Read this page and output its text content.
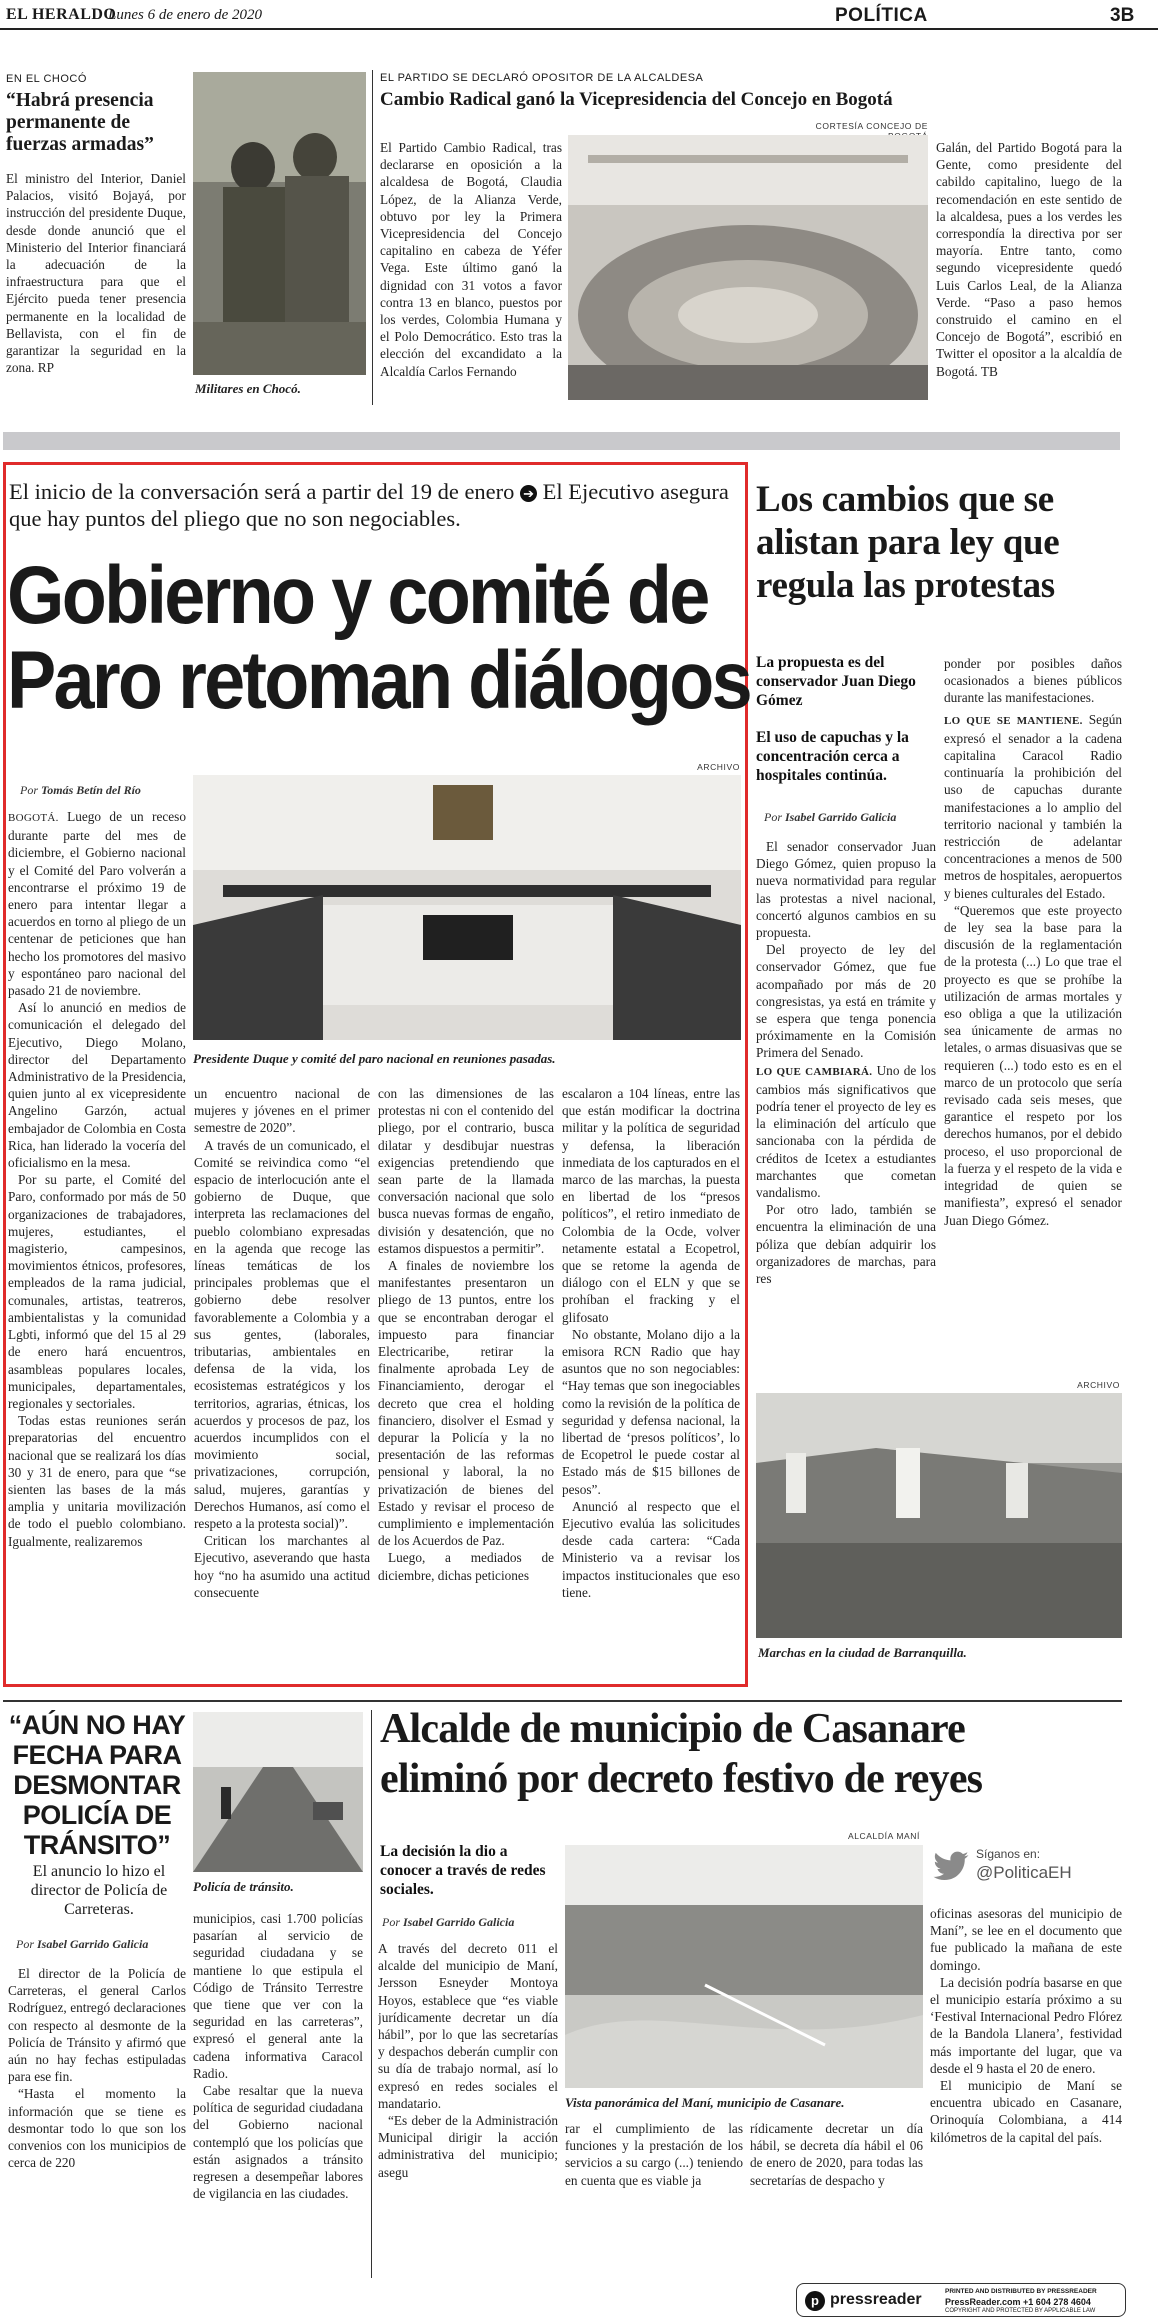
EL HERALDO
Lunes 6 de enero de 2020	POLÍTICA	3B
EN EL CHOCÓ
“Habrá presencia permanente de fuerzas armadas”

El ministro del Interior, Daniel Palacios, visitó Bojayá, por instrucción del presidente Duque, desde donde anunció que el Ministerio del Interior financiará la adecuación de la infraestructura para que el Ejército pueda tener presencia permanente en la localidad de Bellavista, con el fin de garantizar la seguridad en la zona. RP

Militares en Chocó.
EL PARTIDO SE DECLARÓ OPOSITOR DE LA ALCALDESA
Cambio Radical ganó la Vicepresidencia del Concejo en Bogotá
CORTESÍA CONCEJO DE

El Partido Cambio Radical, tras declararse en oposición a la alcaldesa de Bogotá, Claudia López, de la Alianza Verde, obtuvo por ley la Primera Vicepresidencia del Concejo capitalino en cabeza de Yéfer Vega. Este último ganó la dignidad con 31 votos a favor contra 13 en blanco, puestos por los verdes, Colombia Humana y el Polo Democrático. Esto tras la elección del excandidato a la Alcaldía Carlos Fernando

Galán, del Partido Bogotá para la Gente, como presidente del cabildo capitalino, luego de la recomendación en este sentido de la alcaldesa, pues a los verdes les correspondía la directiva por ser mayoría. Entre tanto, como segundo vicepresidente quedó Luis Carlos Leal, de la Alianza Verde. “Paso a paso hemos construido el camino en el Concejo de Bogotá”, escribió en Twitter el opositor a la alcaldía de Bogotá. TB

El inicio de la conversación será a partir del 19 de enero ➔ El Ejecutivo asegura que hay puntos del pliego que no son negociables.
Gobierno y comité de
Paro retoman diálogos
ARCHIVO
Por Tomás Betín del Río
Presidente Duque y comité del paro nacional en reuniones pasadas.

BOGOTÁ. Luego de un receso durante parte del mes de diciembre, el Gobierno nacional y el Comité del Paro volverán a encontrarse el próximo 19 de enero para intentar llegar a acuerdos en torno al pliego de un centenar de peticiones que han hecho los promotores del masivo y espontáneo paro nacional del pasado 21 de noviembre.

Así lo anunció en medios de comunicación el delegado del Ejecutivo, Diego Molano, director del Departamento Administrativo de la Presidencia, quien junto al ex vicepresidente Angelino Garzón, actual embajador de Colombia en Costa Rica, han liderado la vocería del oficialismo en la mesa.

Por su parte, el Comité del Paro, conformado por más de 50 organizaciones de trabajadores, mujeres, estudiantes, el magisterio, campesinos, movimientos étnicos, profesores, empleados de la rama judicial, comunales, artistas, teatreros, ambientalistas y la comunidad Lgbti, informó que del 15 al 29 de enero hará encuentros, asambleas populares locales, municipales, departamentales, regionales y sectoriales.

Todas estas reuniones serán preparatorias del encuentro nacional que se realizará los días 30 y 31 de enero, para que “se sienten las bases de la más amplia y unitaria movilización de todo el pueblo colombiano. Igualmente, realizaremos

un encuentro nacional de mujeres y jóvenes en el primer semestre de 2020”.

A través de un comunicado, el Comité se reivindica como “el espacio de interlocución ante el gobierno de Duque, que interpreta las reclamaciones del pueblo colombiano expresadas en la agenda que recoge las líneas temáticas de los principales problemas que el gobierno debe resolver favorablemente a Colombia y a sus gentes, (laborales, tributarias, ambientales en defensa de la vida, los ecosistemas estratégicos y los territorios, agrarias, étnicas, los acuerdos y procesos de paz, los acuerdos incumplidos con el movimiento social, privatizaciones, corrupción, salud, mujeres, garantías y Derechos Humanos, así como el respeto a la protesta social)”.

Critican los marchantes al Ejecutivo, aseverando que hasta hoy “no ha asumido una actitud consecuente

con las dimensiones de las protestas ni con el contenido del pliego, por el contrario, busca dilatar y desdibujar nuestras exigencias pretendiendo que sean parte de la llamada conversación nacional que solo busca nuevas formas de engaño, división y desatención, que no estamos dispuestos a permitir”.

A finales de noviembre los manifestantes presentaron un pliego de 13 puntos, entre los que se encontraban derogar el impuesto para financiar Electricaribe, retirar la finalmente aprobada Ley de Financiamiento, derogar el decreto que crea el holding financiero, disolver el Esmad y depurar la Policía y la no presentación de las reformas pensional y laboral, la no privatización de bienes del Estado y revisar el proceso de cumplimiento e implementación de los Acuerdos de Paz.

Luego, a mediados de diciembre, dichas peticiones

escalaron a 104 líneas, entre las que están modificar la doctrina militar y la política de seguridad y defensa, la liberación inmediata de los capturados en el marco de las marchas, la puesta en libertad de los “presos políticos”, el retiro inmediato de Colombia de la Ocde, volver netamente estatal a Ecopetrol, que se retome la agenda de diálogo con el ELN y que se prohíban el fracking y el glifosato

No obstante, Molano dijo a la emisora RCN Radio que hay asuntos que no son negociables: “Hay temas que son inegociables como la revisión de la política de seguridad y defensa nacional, la libertad de ‘presos políticos’, lo de Ecopetrol le puede costar al Estado más de $15 billones de pesos”.

Anunció al respecto que el Ejecutivo evalúa las solicitudes desde cada cartera: “Cada Ministerio va a revisar los impactos institucionales que eso tiene.

Los cambios que se alistan para ley que regula las protestas
La propuesta es del conservador Juan Diego Gómez
El uso de capuchas y la concentración cerca a hospitales continúa.
Por Isabel Garrido Galicia

El senador conservador Juan Diego Gómez, quien propuso la nueva normatividad para regular las protestas a nivel nacional, concertó algunos cambios en su propuesta.

Del proyecto de ley del conservador Gómez, que fue acompañado por más de 20 congresistas, ya está en trámite y se espera que tenga ponencia próximamente en la Comisión Primera del Senado.

LO QUE CAMBIARÁ. Uno de los cambios más significativos que podría tener el proyecto de ley es la eliminación del artículo que sancionaba con la pérdida de créditos de Icetex a estudiantes marchantes que cometan vandalismo.

Por otro lado, también se encuentra la eliminación de una póliza que debían adquirir los organizadores de marchas, para res

ponder por posibles daños ocasionados a bienes públicos durante las manifestaciones.

LO QUE SE MANTIENE. Según expresó el senador a la cadena capitalina Caracol Radio continuaría la prohibición del uso de capuchas durante manifestaciones a lo amplio del territorio nacional y también la restricción de adelantar concentraciones a menos de 500 metros de hospitales, aeropuertos y bienes culturales del Estado.

“Queremos que este proyecto de ley sea la base para la discusión de la reglamentación de la protesta (...) Lo que trae el proyecto es que se prohíbe la utilización de armas mortales y eso obliga a que la utilización sea únicamente de armas no letales, o armas disuasivas que se requieren (...) todo esto es en el marco de un protocolo que sería revisado cada seis meses, que garantice el respeto por los derechos humanos, por el debido proceso, el uso proporcional de la fuerza y el respeto de la vida e integridad de quien se manifiesta”, expresó el senador Juan Diego Gómez.

ARCHIVO
Marchas en la ciudad de Barranquilla.
“AÚN NO HAY FECHA PARA DESMONTAR POLICÍA DE TRÁNSITO”
El anuncio lo hizo el director de Policía de Carreteras.
Por Isabel Garrido Galicia

El director de la Policía de Carreteras, el general Carlos Rodríguez, entregó declaraciones con respecto al desmonte de la Policía de Tránsito y afirmó que aún no hay fechas estipuladas para ese fin.

“Hasta el momento la información que se tiene es desmontar todo lo que son los convenios con los municipios de cerca de 220

Policía de tránsito.

municipios, casi 1.700 policías pasarían al servicio de seguridad ciudadana y se mantiene lo que estipula el Código de Tránsito Terrestre que tiene que ver con la seguridad en las carreteras”, expresó el general ante la cadena informativa Caracol Radio.

Cabe resaltar que la nueva política de seguridad ciudadana del Gobierno nacional contempló que los policías que están asignados a tránsito regresen a desempeñar labores de vigilancia en las ciudades.

Alcalde de municipio de Casanare
eliminó por decreto festivo de reyes
La decisión la dio a conocer a través de redes sociales.
Por Isabel Garrido Galicia

A través del decreto 011 el alcalde del municipio de Maní, Jersson Esneyder Montoya Hoyos, establece que “es viable jurídicamente decretar un día hábil”, por lo que las secretarías y despachos deberán cumplir con su día de trabajo normal, así lo expresó en redes sociales el mandatario.

“Es deber de la Administración Municipal dirigir la acción administrativa del municipio; asegu

ALCALDÍA MANÍ
Vista panorámica del Maní, municipio de Casanare.
Síganos en:
@PoliticaEH

oficinas asesoras del municipio de Maní”, se lee en el documento que fue publicado la mañana de este domingo.

La decisión podría basarse en que el municipio estaría próximo a su ‘Festival Internacional Pedro Flórez de la Bandola Llanera’, festividad más importante del lugar, que va desde el 9 hasta el 20 de enero.

El municipio de Maní se encuentra ubicado en Casanare, Orinoquía Colombiana, a 414 kilómetros de la capital del país.

rar el cumplimiento de las funciones y la prestación de los servicios a su cargo (...) teniendo en cuenta que es viable ja

rídicamente decretar un día hábil, se decreta día hábil el 06 de enero de 2020, para todas las secretarías de despacho y

p pressreader	PRINTED AND DISTRIBUTED BY PRESSREADER
PressReader.com +1 604 278 4604
COPYRIGHT AND PROTECTED BY APPLICABLE LAW
